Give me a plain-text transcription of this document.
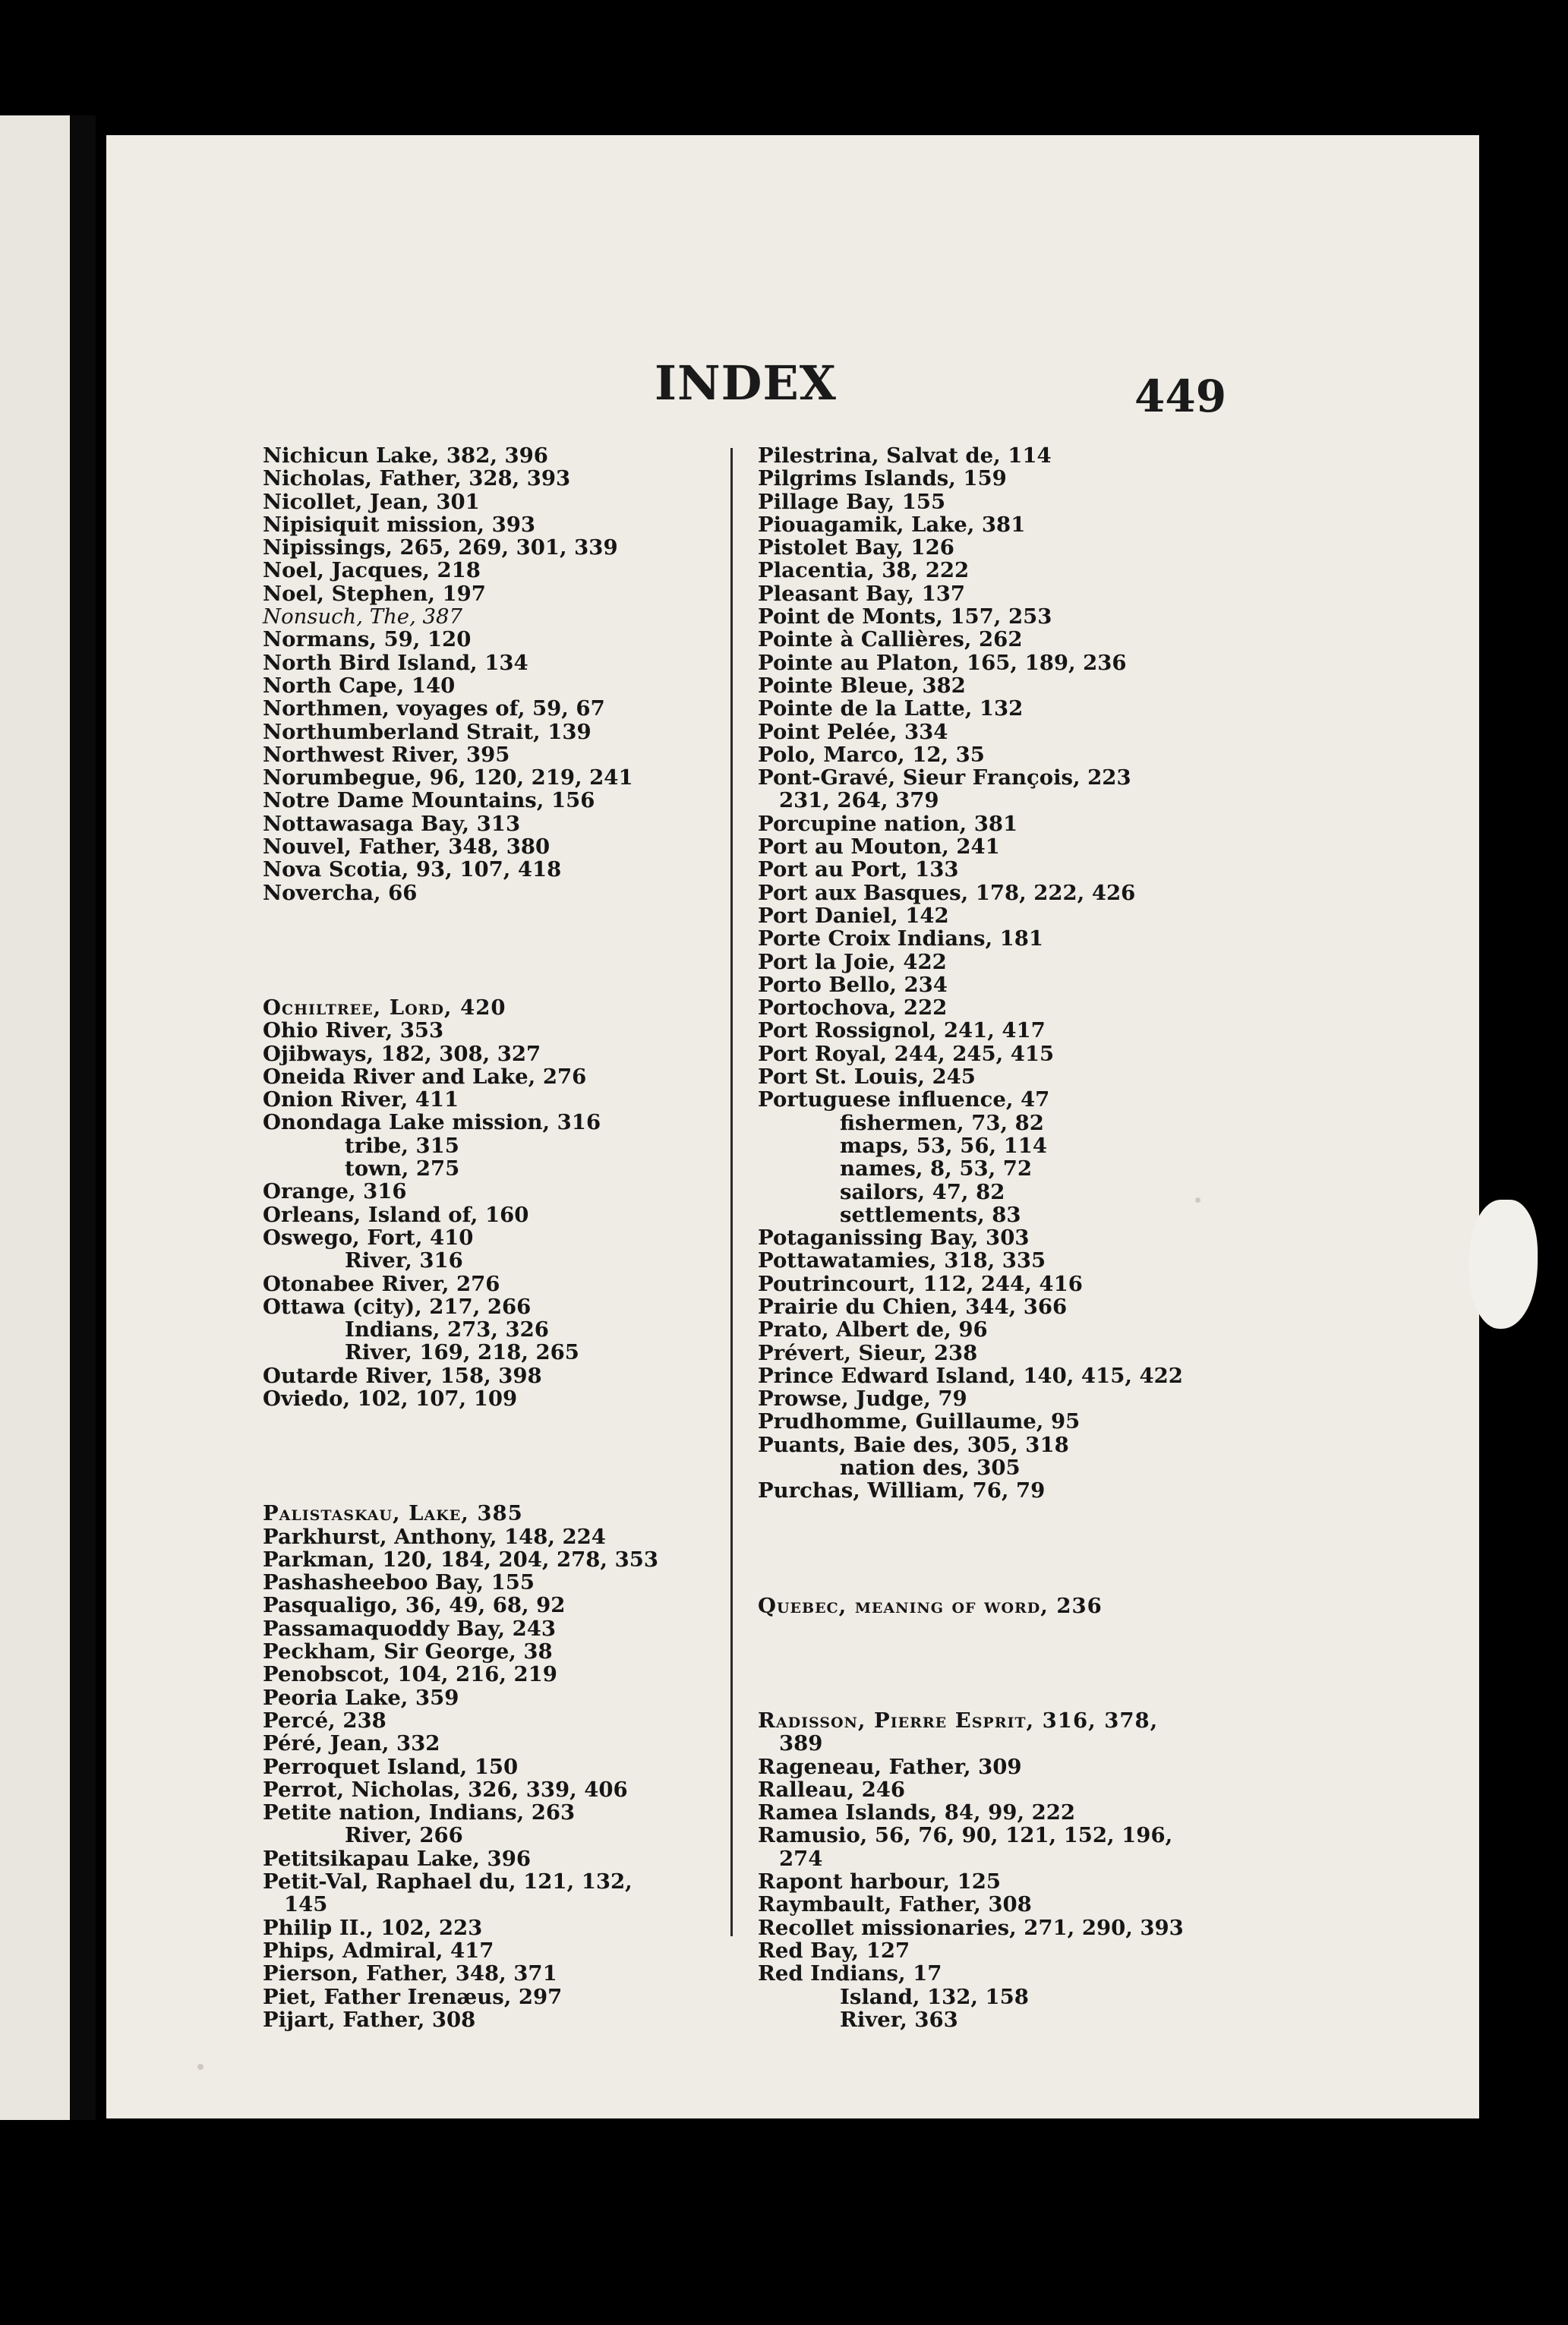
INDEX	449
Nichicun Lake, 382, 396
Nicholas, Father, 328, 393
Nicollet, Jean, 301
Nipisiquit mission, 393
Nipissings, 265, 269, 301, 339
Noel, Jacques, 218
Noel, Stephen, 197
Nonsuch, The, 387
Normans, 59, 120
North Bird Island, 134
North Cape, 140
Northmen, voyages of, 59, 67
Northumberland Strait, 139
Northwest River, 395
Norumbegue, 96, 120, 219, 241
Notre Dame Mountains, 156
Nottawasaga Bay, 313
Nouvel, Father, 348, 380
Nova Scotia, 93, 107, 418
Novercha, 66
Ochiltree, Lord, 420
Ohio River, 353
Ojibways, 182, 308, 327
Oneida River and Lake, 276
Onion River, 411
Onondaga Lake mission, 316
tribe, 315
town, 275
Orange, 316
Orleans, Island of, 160
Oswego, Fort, 410
River, 316
Otonabee River, 276
Ottawa (city), 217, 266
Indians, 273, 326
River, 169, 218, 265
Outarde River, 158, 398
Oviedo, 102, 107, 109
Palistaskau, Lake, 385
Parkhurst, Anthony, 148, 224
Parkman, 120, 184, 204, 278, 353
Pashasheeboo Bay, 155
Pasqualigo, 36, 49, 68, 92
Passamaquoddy Bay, 243
Peckham, Sir George, 38
Penobscot, 104, 216, 219
Peoria Lake, 359
Percé, 238
Péré, Jean, 332
Perroquet Island, 150
Perrot, Nicholas, 326, 339, 406
Petite nation, Indians, 263
River, 266
Petitsikapau Lake, 396
Petit-Val, Raphael du, 121, 132,
145
Philip II., 102, 223
Phips, Admiral, 417
Pierson, Father, 348, 371
Piet, Father Irenæus, 297
Pijart, Father, 308
Pilestrina, Salvat de, 114
Pilgrims Islands, 159
Pillage Bay, 155
Piouagamik, Lake, 381
Pistolet Bay, 126
Placentia, 38, 222
Pleasant Bay, 137
Point de Monts, 157, 253
Pointe à Callières, 262
Pointe au Platon, 165, 189, 236
Pointe Bleue, 382
Pointe de la Latte, 132
Point Pelée, 334
Polo, Marco, 12, 35
Pont-Gravé, Sieur François, 223
231, 264, 379
Porcupine nation, 381
Port au Mouton, 241
Port au Port, 133
Port aux Basques, 178, 222, 426
Port Daniel, 142
Porte Croix Indians, 181
Port la Joie, 422
Porto Bello, 234
Portochova, 222
Port Rossignol, 241, 417
Port Royal, 244, 245, 415
Port St. Louis, 245
Portuguese influence, 47
fishermen, 73, 82
maps, 53, 56, 114
names, 8, 53, 72
sailors, 47, 82
settlements, 83
Potaganissing Bay, 303
Pottawatamies, 318, 335
Poutrincourt, 112, 244, 416
Prairie du Chien, 344, 366
Prato, Albert de, 96
Prévert, Sieur, 238
Prince Edward Island, 140, 415, 422
Prowse, Judge, 79
Prudhomme, Guillaume, 95
Puants, Baie des, 305, 318
nation des, 305
Purchas, William, 76, 79
Quebec, meaning of word, 236
Radisson, Pierre Esprit, 316, 378,
389
Rageneau, Father, 309
Ralleau, 246
Ramea Islands, 84, 99, 222
Ramusio, 56, 76, 90, 121, 152, 196,
274
Rapont harbour, 125
Raymbault, Father, 308
Recollet missionaries, 271, 290, 393
Red Bay, 127
Red Indians, 17
Island, 132, 158
River, 363
